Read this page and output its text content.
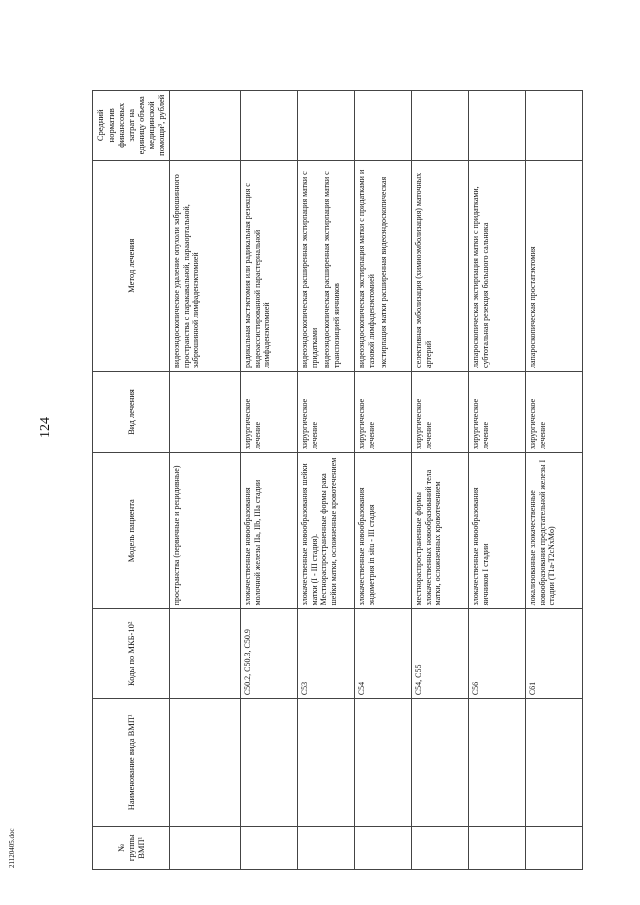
124
21120405.doc	№ группы ВМП¹	Наименование вида ВМП¹	Коды по МКБ-10²	Модель пациента	Вид лечения	Метод лечения	Средний норматив финансовых затрат на единицу объема медицинской помощи³, рублей
			пространства (первичные и рецидивные)		видеоэндоскопическое удаление опухоли забрюшинного пространства с паракавальной, парааортальной, забрюшинной лимфаденэктомией	

		C50.2, C50.3, C50.9	злокачественные новообразования молочной железы IIa, IIb, IIIa стадии	хирургическое лечение	радикальная мастэктомия или радикальная резекция с видеоассистированной парастернальной лимфаденэктомией	

		C53	злокачественные новообразования шейки матки (I - III стадия). Местнораспространенные формы рака шейки матки, осложненные кровотечением	хирургическое лечение	видеоэндоскопическая расширенная экстирпация матки с придатками видеоэндоскопическая расширенная экстирпация матки с транспозицией яичников	

		C54	злокачественные новообразования эндометрия in situ - III стадия	хирургическое лечение	видеоэндоскопическая экстирпация матки с придатками и тазовой лимфаденэктомией экстирпация матки расширенная видеоэндоскопическая	

		C54, C55	местнораспространенные формы злокачественных новообразований тела матки, осложненных кровотечением	хирургическое лечение	селективная эмболизация (химиоэмболизация) маточных артерий	

		C56	злокачественные новообразования яичников I стадии	хирургическое лечение	лапароскопическая экстирпация матки с придатками, субтотальная резекция большого сальника	

		C61	локализованные злокачественные новообразования предстательной железы I стадии (T1a-T2cNxMo)	хирургическое лечение	лапароскопическая простатэктомия	
